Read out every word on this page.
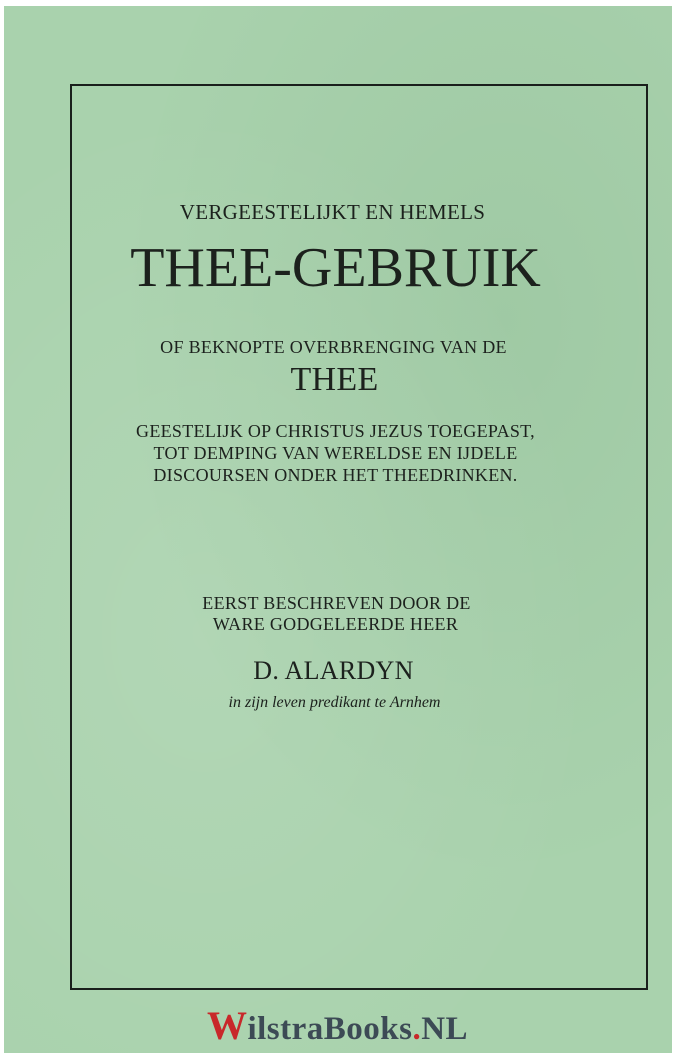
VERGEESTELIJKT EN HEMELS
THEE-GEBRUIK
OF BEKNOPTE OVERBRENGING VAN DE
THEE
GEESTELIJK OP CHRISTUS JEZUS TOEGEPAST,
TOT DEMPING VAN WERELDSE EN IJDELE
DISCOURSEN ONDER HET THEEDRINKEN.
EERST BESCHREVEN DOOR DE
WARE GODGELEERDE HEER
D. ALARDYN
in zijn leven predikant te Arnhem
WilstraBooks.NL
